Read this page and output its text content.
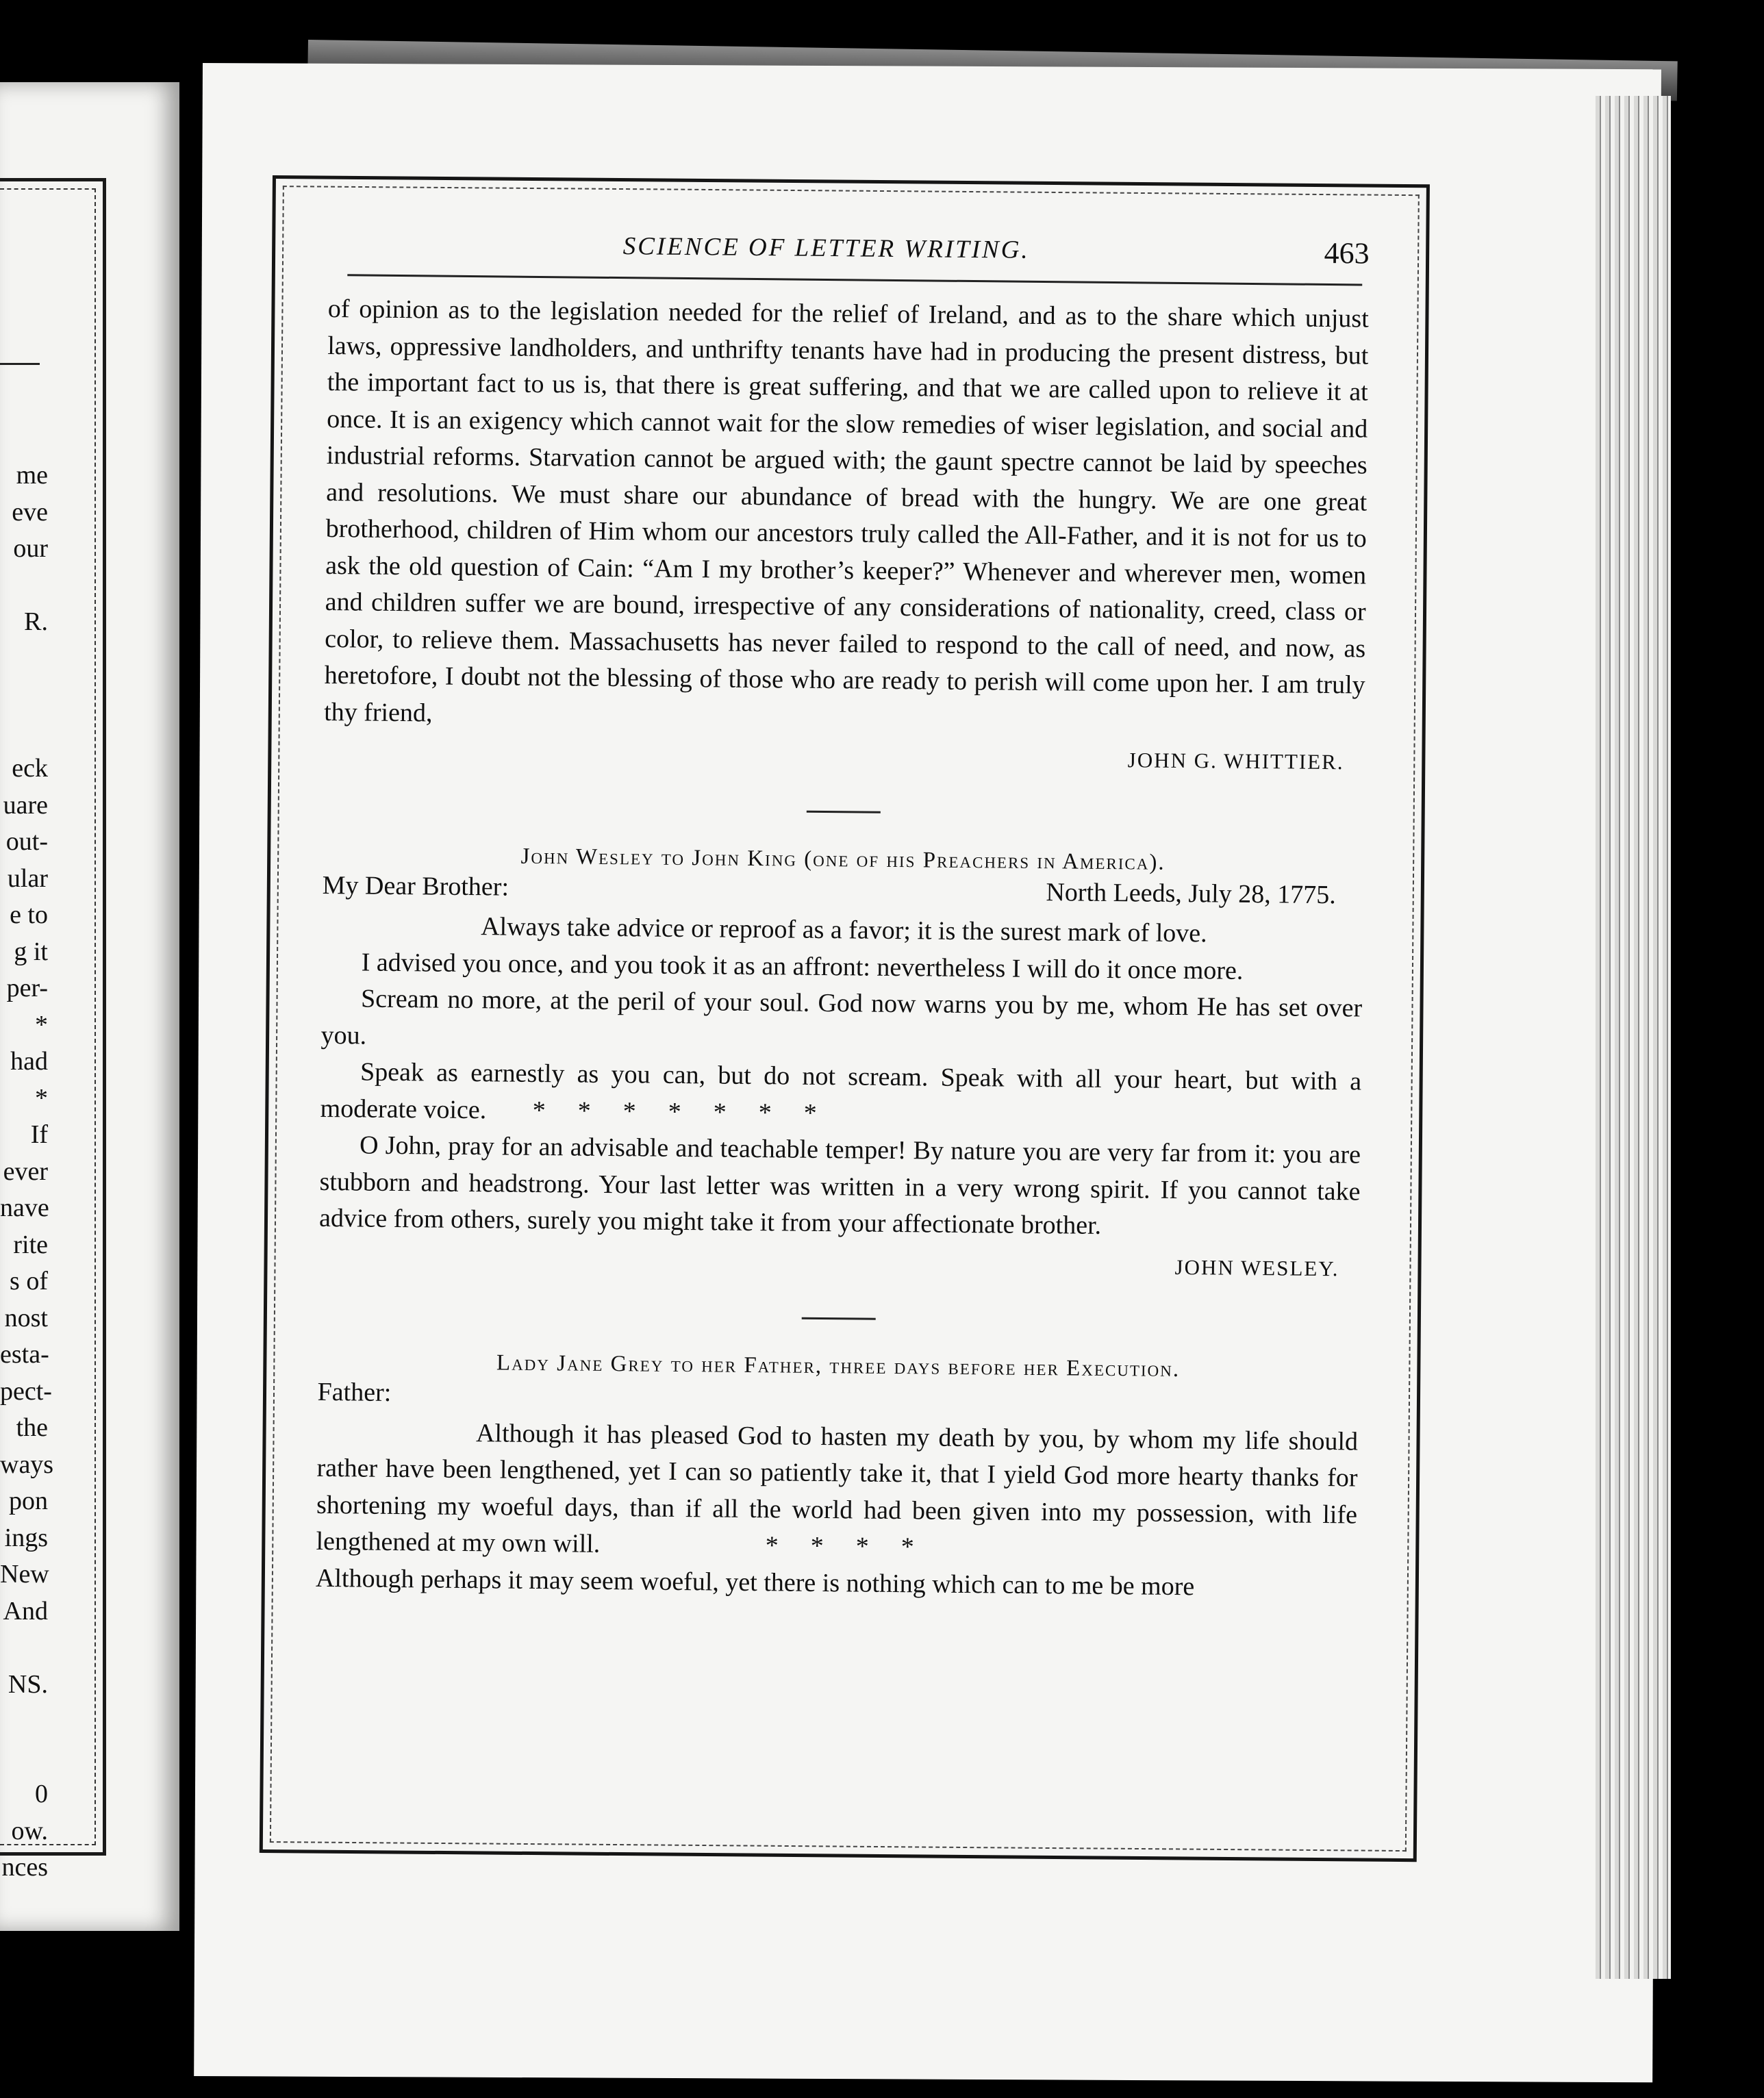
me
eve
our

R.

eck
uare
out-
ular
e to
g it
per-
*
had
*
If
ever
nave
rite
s of
nost
esta-
pect-
the
ways
pon
ings
New
And

NS.

0
ow.
nces
SCIENCE OF LETTER WRITING.	463

of opinion as to the legislation needed for the relief of Ireland, and as to the share which unjust laws, oppressive landholders, and unthrifty tenants have had in producing the present distress, but the important fact to us is, that there is great suffering, and that we are called upon to relieve it at once. It is an exigency which cannot wait for the slow remedies of wiser legislation, and social and industrial reforms. Starvation cannot be argued with; the gaunt spectre cannot be laid by speeches and resolutions. We must share our abundance of bread with the hungry. We are one great brotherhood, children of Him whom our ancestors truly called the All-Father, and it is not for us to ask the old question of Cain: “Am I my brother’s keeper?” Whenever and wherever men, women and children suffer we are bound, irrespective of any considerations of nationality, creed, class or color, to relieve them. Massachusetts has never failed to respond to the call of need, and now, as heretofore, I doubt not the blessing of those who are ready to perish will come upon her. I am truly thy friend,

JOHN G. WHITTIER.
John Wesley to John King (one of his Preachers in America).
My Dear Brother:	North Leeds, July 28, 1775.

Always take advice or reproof as a favor; it is the surest mark of love.

I advised you once, and you took it as an affront: nevertheless I will do it once more.

Scream no more, at the peril of your soul. God now warns you by me, whom He has set over you.

Speak as earnestly as you can, but do not scream. Speak with all your heart, but with a moderate voice. * * * * * * *

O John, pray for an advisable and teachable temper! By nature you are very far from it: you are stubborn and headstrong. Your last letter was written in a very wrong spirit. If you cannot take advice from others, surely you might take it from your affectionate brother.

JOHN WESLEY.
Lady Jane Grey to her Father, three days before her Execution.
Father:

Although it has pleased God to hasten my death by you, by whom my life should rather have been lengthened, yet I can so patiently take it, that I yield God more hearty thanks for shortening my woeful days, than if all the world had been given into my possession, with life lengthened at my own will.	* * * *

Although perhaps it may seem woeful, yet there is nothing which can to me be more
